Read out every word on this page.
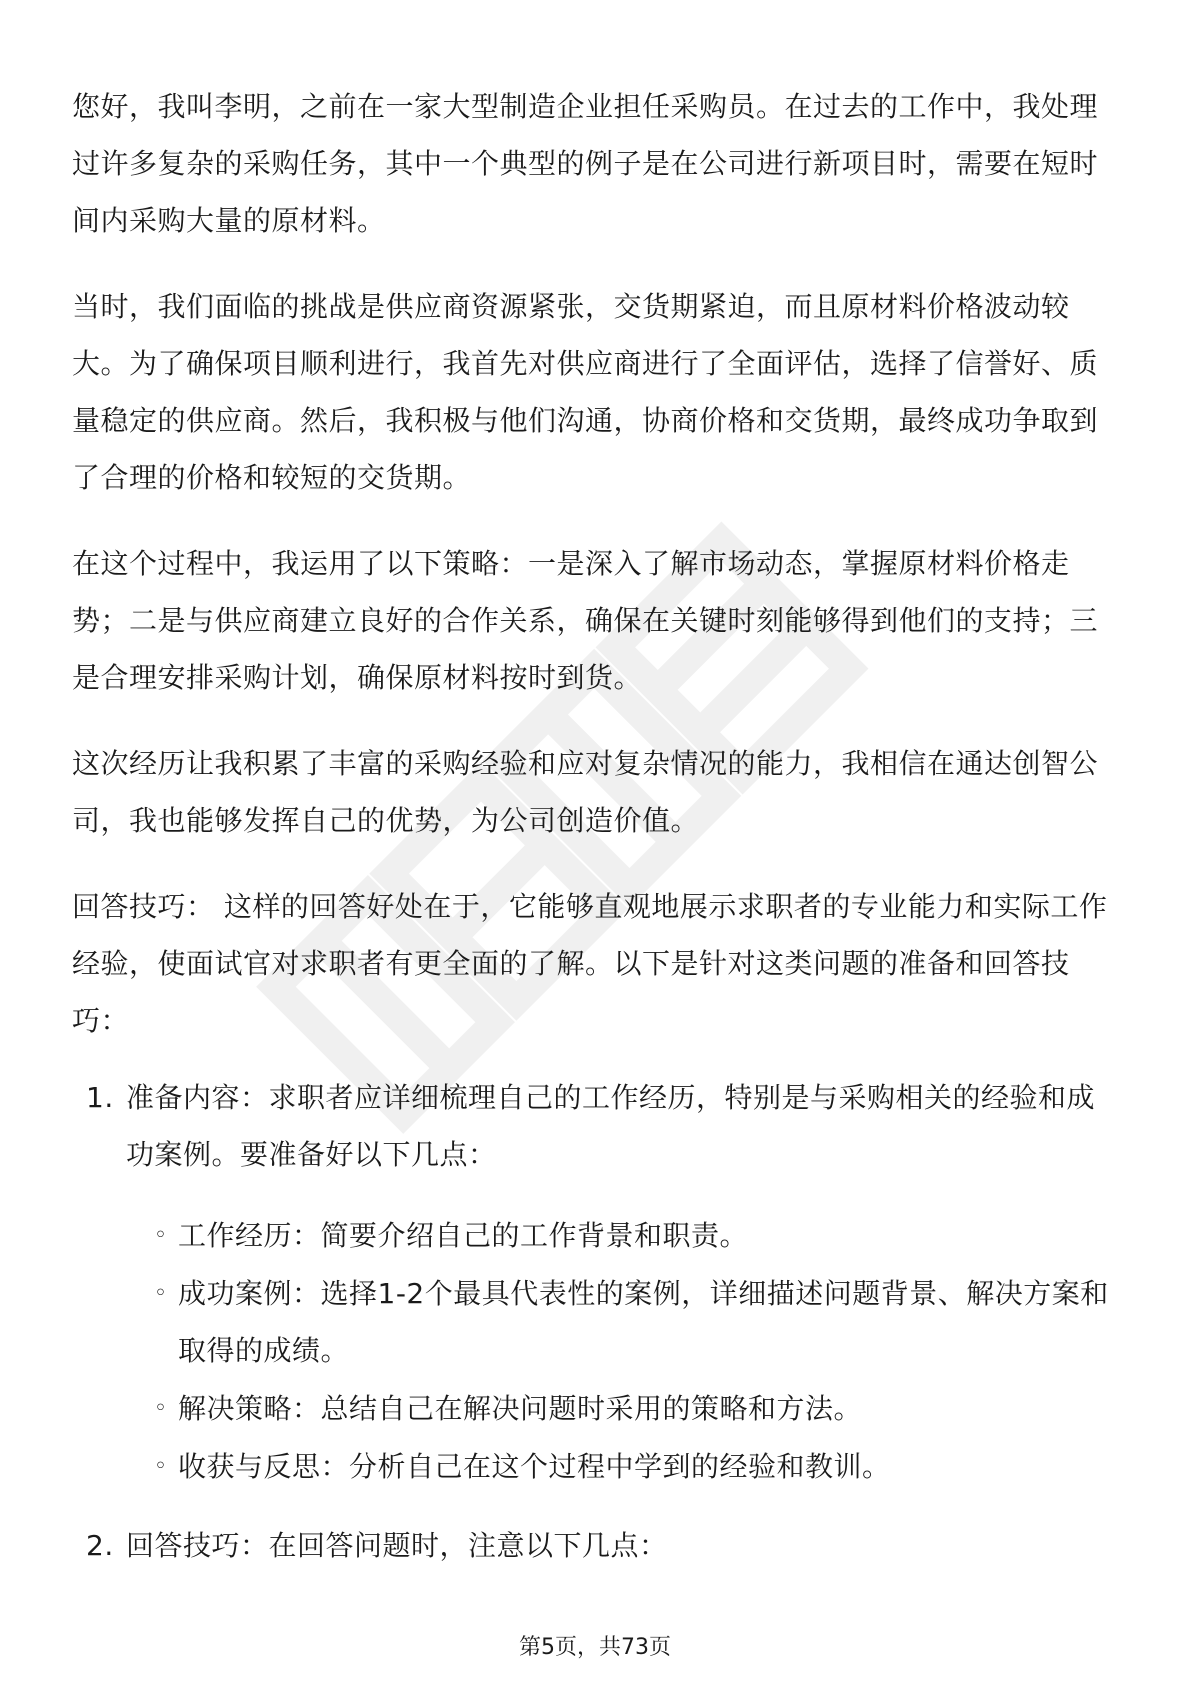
您好，我叫李明，之前在一家大型制造企业担任采购员。在过去的工作中，我处理过许多复杂的采购任务，其中一个典型的例子是在公司进行新项目时，需要在短时间内采购大量的原材料。

当时，我们面临的挑战是供应商资源紧张，交货期紧迫，而且原材料价格波动较大。为了确保项目顺利进行，我首先对供应商进行了全面评估，选择了信誉好、质量稳定的供应商。然后，我积极与他们沟通，协商价格和交货期，最终成功争取到了合理的价格和较短的交货期。

在这个过程中，我运用了以下策略：一是深入了解市场动态，掌握原材料价格走势；二是与供应商建立良好的合作关系，确保在关键时刻能够得到他们的支持；三是合理安排采购计划，确保原材料按时到货。

这次经历让我积累了丰富的采购经验和应对复杂情况的能力，我相信在通达创智公司，我也能够发挥自己的优势，为公司创造价值。

回答技巧： 这样的回答好处在于，它能够直观地展示求职者的专业能力和实际工作经验，使面试官对求职者有更全面的了解。以下是针对这类问题的准备和回答技巧：

1. 准备内容：求职者应详细梳理自己的工作经历，特别是与采购相关的经验和成功案例。要准备好以下几点：
◦ 工作经历：简要介绍自己的工作背景和职责。
◦ 成功案例：选择1-2个最具代表性的案例，详细描述问题背景、解决方案和取得的成绩。
◦ 解决策略：总结自己在解决问题时采用的策略和方法。
◦ 收获与反思：分析自己在这个过程中学到的经验和教训。
2. 回答技巧：在回答问题时，注意以下几点：
第5页，共73页
